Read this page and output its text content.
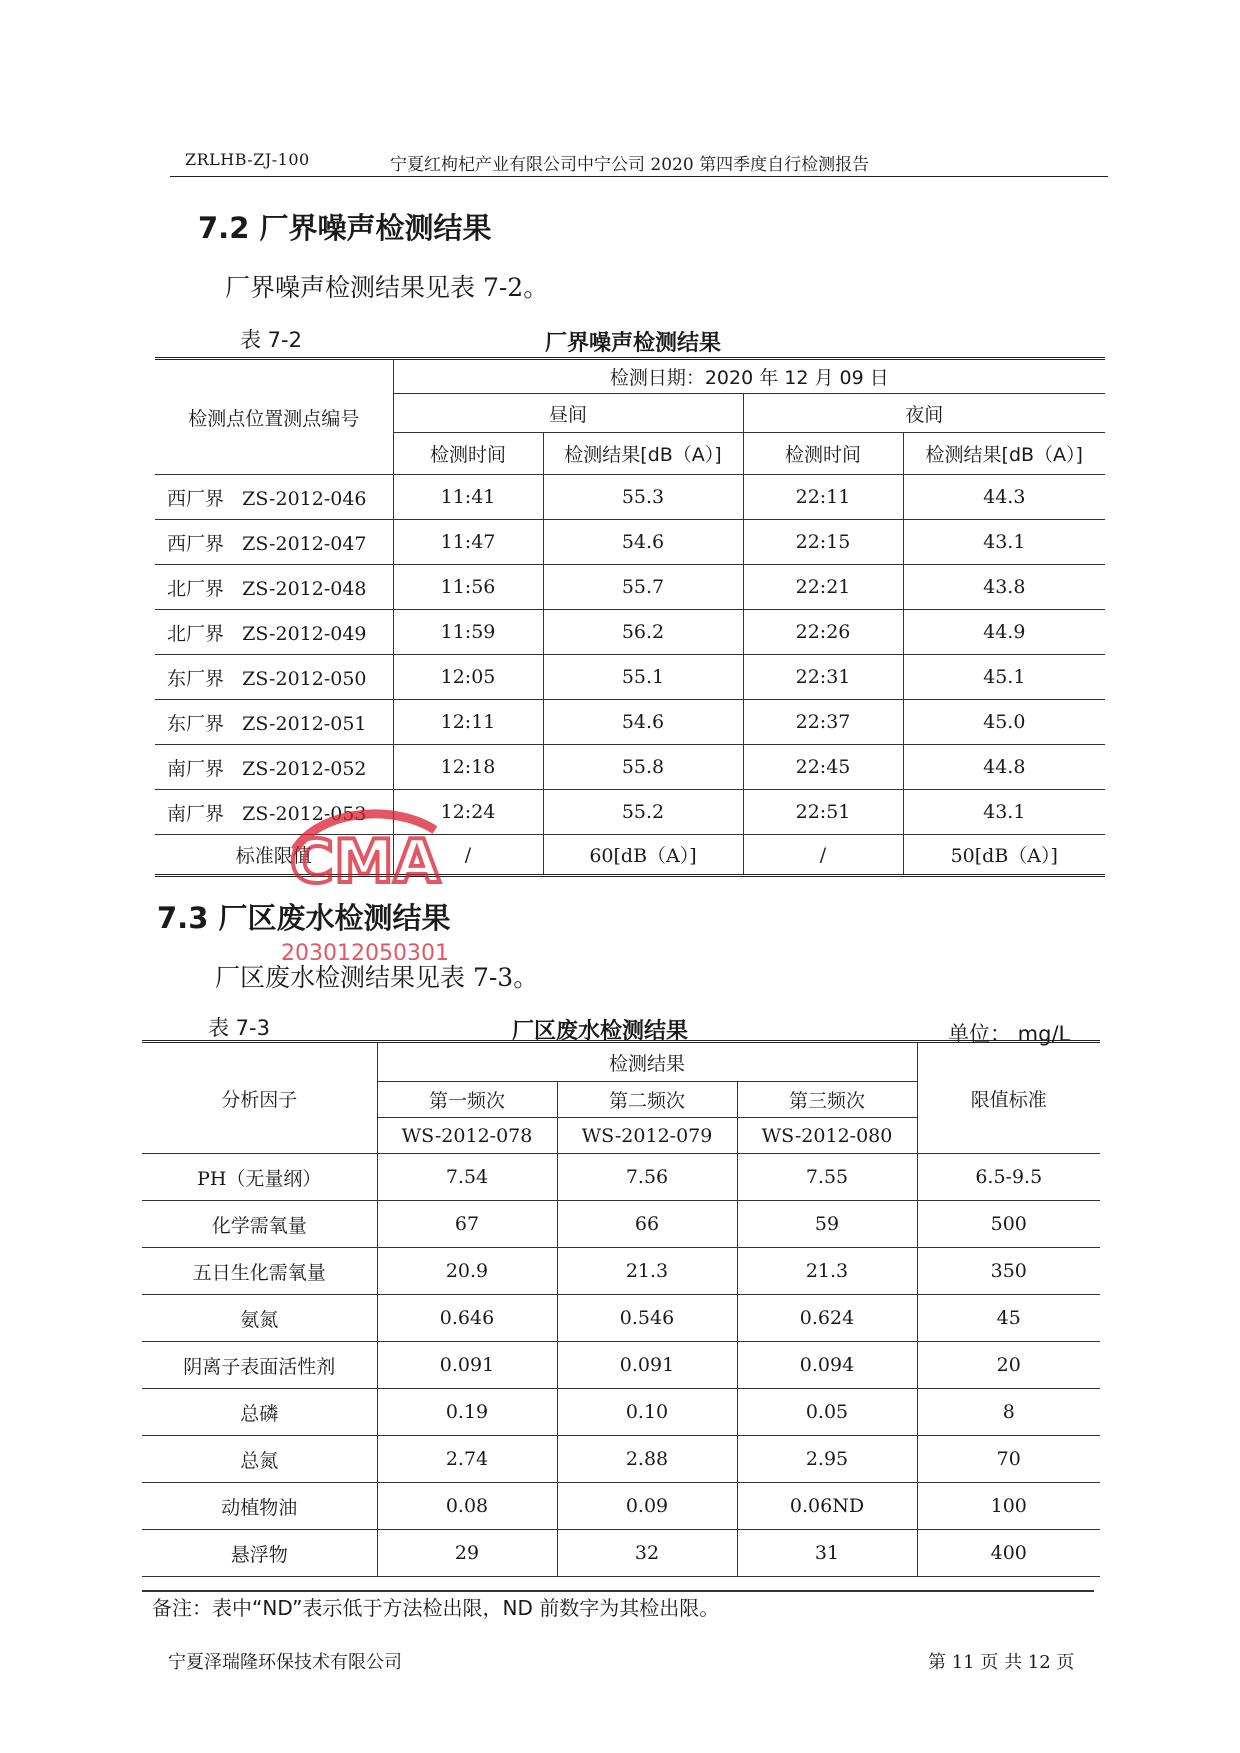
ZRLHB-ZJ-100	宁夏红枸杞产业有限公司中宁公司 2020 第四季度自行检测报告
7.2 厂界噪声检测结果
厂界噪声检测结果见表 7-2。
表 7-2	厂界噪声检测结果
检测点位置测点编号	检测日期：2020 年 12 月 09 日			
	昼间		夜间	
	检测时间	检测结果[dB（A）]	检测时间	检测结果[dB（A）]
西厂界 ZS-2012-046	11:41	55.3	22:11	44.3
西厂界 ZS-2012-047	11:47	54.6	22:15	43.1
北厂界 ZS-2012-048	11:56	55.7	22:21	43.8
北厂界 ZS-2012-049	11:59	56.2	22:26	44.9
东厂界 ZS-2012-050	12:05	55.1	22:31	45.1
东厂界 ZS-2012-051	12:11	54.6	22:37	45.0
南厂界 ZS-2012-052	12:18	55.8	22:45	44.8
南厂界 ZS-2012-053	12:24	55.2	22:51	43.1
标准限值	/	60[dB（A）]	/	50[dB（A）]
CMA
203012050301
7.3 厂区废水检测结果
厂区废水检测结果见表 7-3。
表 7-3	厂区废水检测结果	单位： mg/L
分析因子	检测结果			限值标准
	第一频次	第二频次	第三频次	
	WS-2012-078	WS-2012-079	WS-2012-080	
PH（无量纲）	7.54	7.56	7.55	6.5-9.5
化学需氧量	67	66	59	500
五日生化需氧量	20.9	21.3	21.3	350
氨氮	0.646	0.546	0.624	45
阴离子表面活性剂	0.091	0.091	0.094	20
总磷	0.19	0.10	0.05	8
总氮	2.74	2.88	2.95	70
动植物油	0.08	0.09	0.06ND	100
悬浮物	29	32	31	400
备注：表中“ND”表示低于方法检出限，ND 前数字为其检出限。
宁夏泽瑞隆环保技术有限公司	第 11 页 共 12 页
